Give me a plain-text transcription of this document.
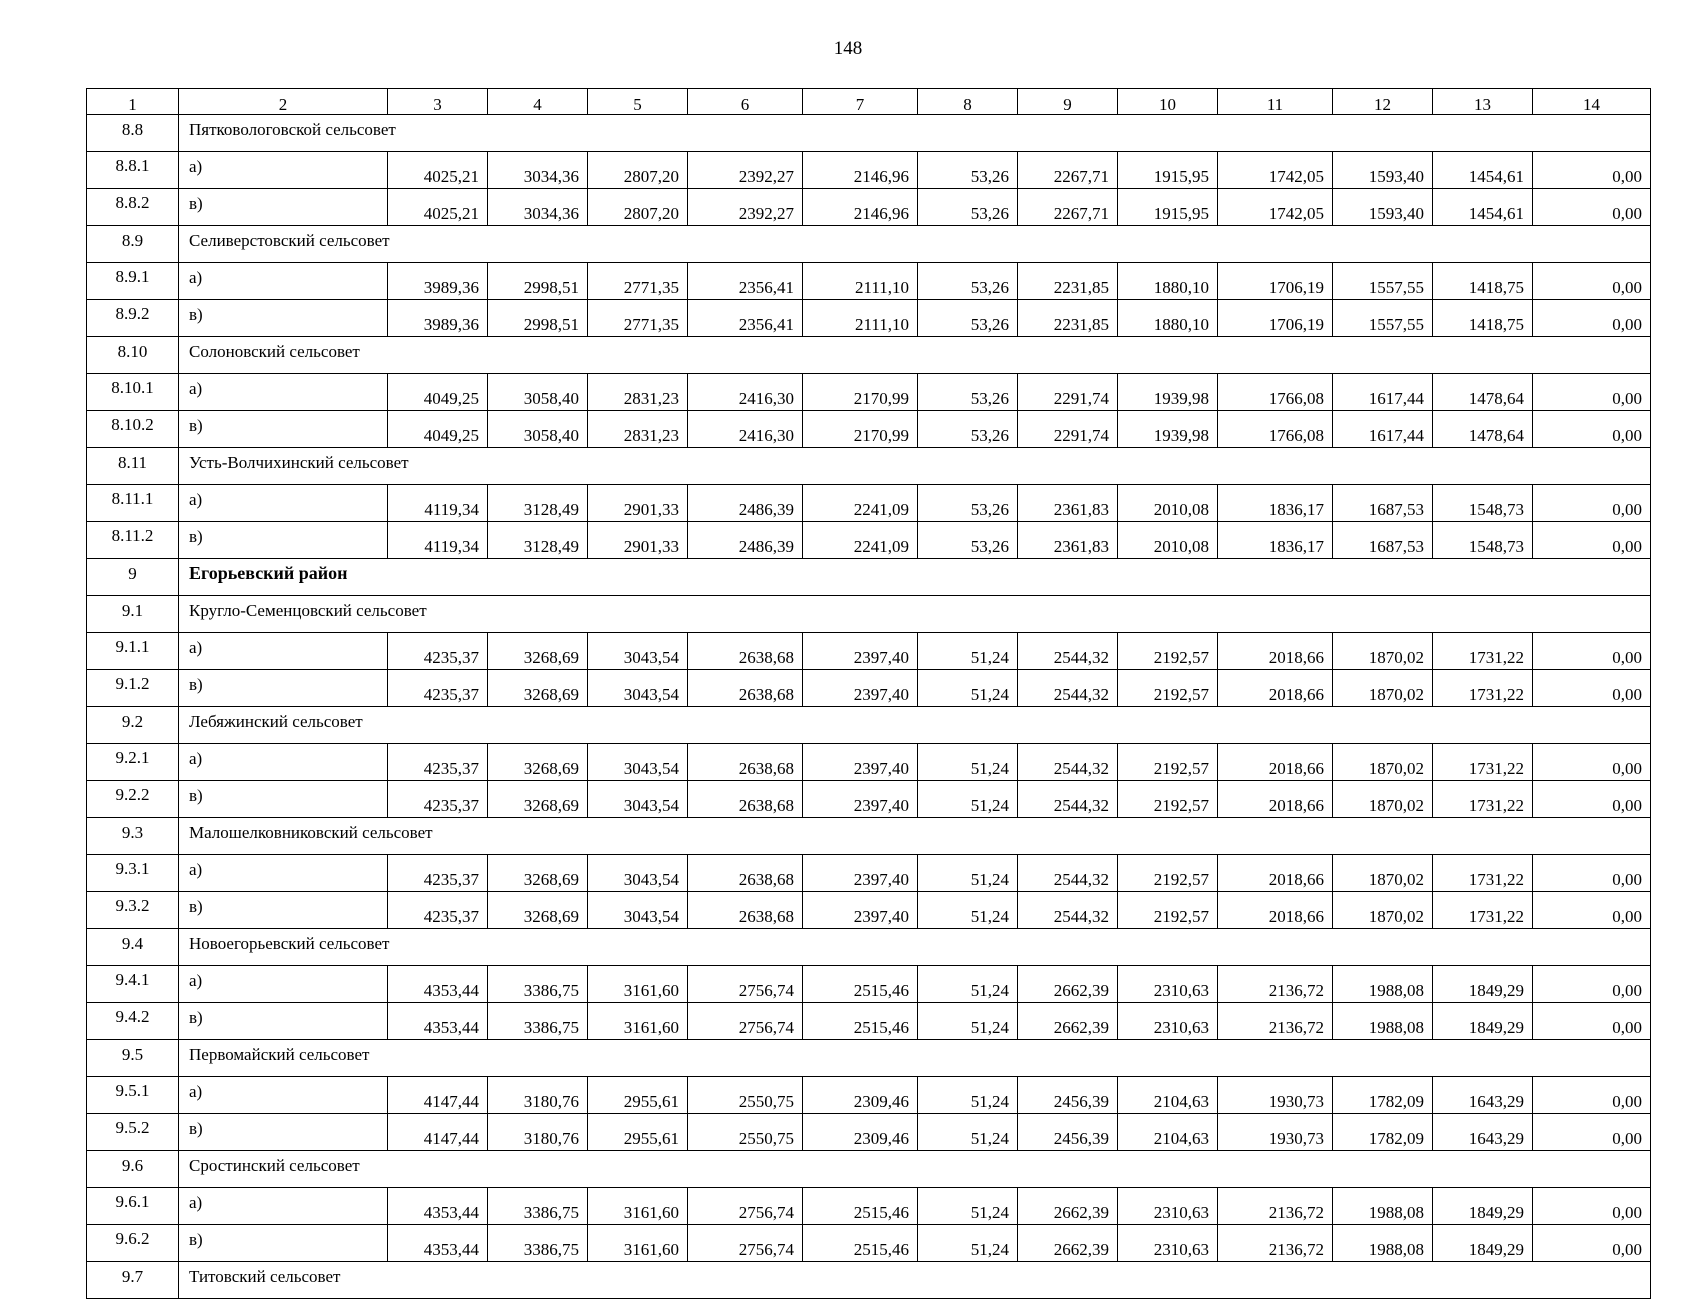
148
1	2	3	4	5	6	7	8	9	10	11	12	13	14
8.8	Пятковологовской сельсовет												
8.8.1	а)	4025,21	3034,36	2807,20	2392,27	2146,96	53,26	2267,71	1915,95	1742,05	1593,40	1454,61	0,00
8.8.2	в)	4025,21	3034,36	2807,20	2392,27	2146,96	53,26	2267,71	1915,95	1742,05	1593,40	1454,61	0,00
8.9	Селиверстовский сельсовет												
8.9.1	а)	3989,36	2998,51	2771,35	2356,41	2111,10	53,26	2231,85	1880,10	1706,19	1557,55	1418,75	0,00
8.9.2	в)	3989,36	2998,51	2771,35	2356,41	2111,10	53,26	2231,85	1880,10	1706,19	1557,55	1418,75	0,00
8.10	Солоновский сельсовет												
8.10.1	а)	4049,25	3058,40	2831,23	2416,30	2170,99	53,26	2291,74	1939,98	1766,08	1617,44	1478,64	0,00
8.10.2	в)	4049,25	3058,40	2831,23	2416,30	2170,99	53,26	2291,74	1939,98	1766,08	1617,44	1478,64	0,00
8.11	Усть-Волчихинский сельсовет												
8.11.1	а)	4119,34	3128,49	2901,33	2486,39	2241,09	53,26	2361,83	2010,08	1836,17	1687,53	1548,73	0,00
8.11.2	в)	4119,34	3128,49	2901,33	2486,39	2241,09	53,26	2361,83	2010,08	1836,17	1687,53	1548,73	0,00
9	Егорьевский район												
9.1	Кругло-Семенцовский сельсовет												
9.1.1	а)	4235,37	3268,69	3043,54	2638,68	2397,40	51,24	2544,32	2192,57	2018,66	1870,02	1731,22	0,00
9.1.2	в)	4235,37	3268,69	3043,54	2638,68	2397,40	51,24	2544,32	2192,57	2018,66	1870,02	1731,22	0,00
9.2	Лебяжинский сельсовет												
9.2.1	а)	4235,37	3268,69	3043,54	2638,68	2397,40	51,24	2544,32	2192,57	2018,66	1870,02	1731,22	0,00
9.2.2	в)	4235,37	3268,69	3043,54	2638,68	2397,40	51,24	2544,32	2192,57	2018,66	1870,02	1731,22	0,00
9.3	Малошелковниковский сельсовет												
9.3.1	а)	4235,37	3268,69	3043,54	2638,68	2397,40	51,24	2544,32	2192,57	2018,66	1870,02	1731,22	0,00
9.3.2	в)	4235,37	3268,69	3043,54	2638,68	2397,40	51,24	2544,32	2192,57	2018,66	1870,02	1731,22	0,00
9.4	Новоегорьевский сельсовет												
9.4.1	а)	4353,44	3386,75	3161,60	2756,74	2515,46	51,24	2662,39	2310,63	2136,72	1988,08	1849,29	0,00
9.4.2	в)	4353,44	3386,75	3161,60	2756,74	2515,46	51,24	2662,39	2310,63	2136,72	1988,08	1849,29	0,00
9.5	Первомайский сельсовет												
9.5.1	а)	4147,44	3180,76	2955,61	2550,75	2309,46	51,24	2456,39	2104,63	1930,73	1782,09	1643,29	0,00
9.5.2	в)	4147,44	3180,76	2955,61	2550,75	2309,46	51,24	2456,39	2104,63	1930,73	1782,09	1643,29	0,00
9.6	Сростинский сельсовет												
9.6.1	а)	4353,44	3386,75	3161,60	2756,74	2515,46	51,24	2662,39	2310,63	2136,72	1988,08	1849,29	0,00
9.6.2	в)	4353,44	3386,75	3161,60	2756,74	2515,46	51,24	2662,39	2310,63	2136,72	1988,08	1849,29	0,00
9.7	Титовский сельсовет												
